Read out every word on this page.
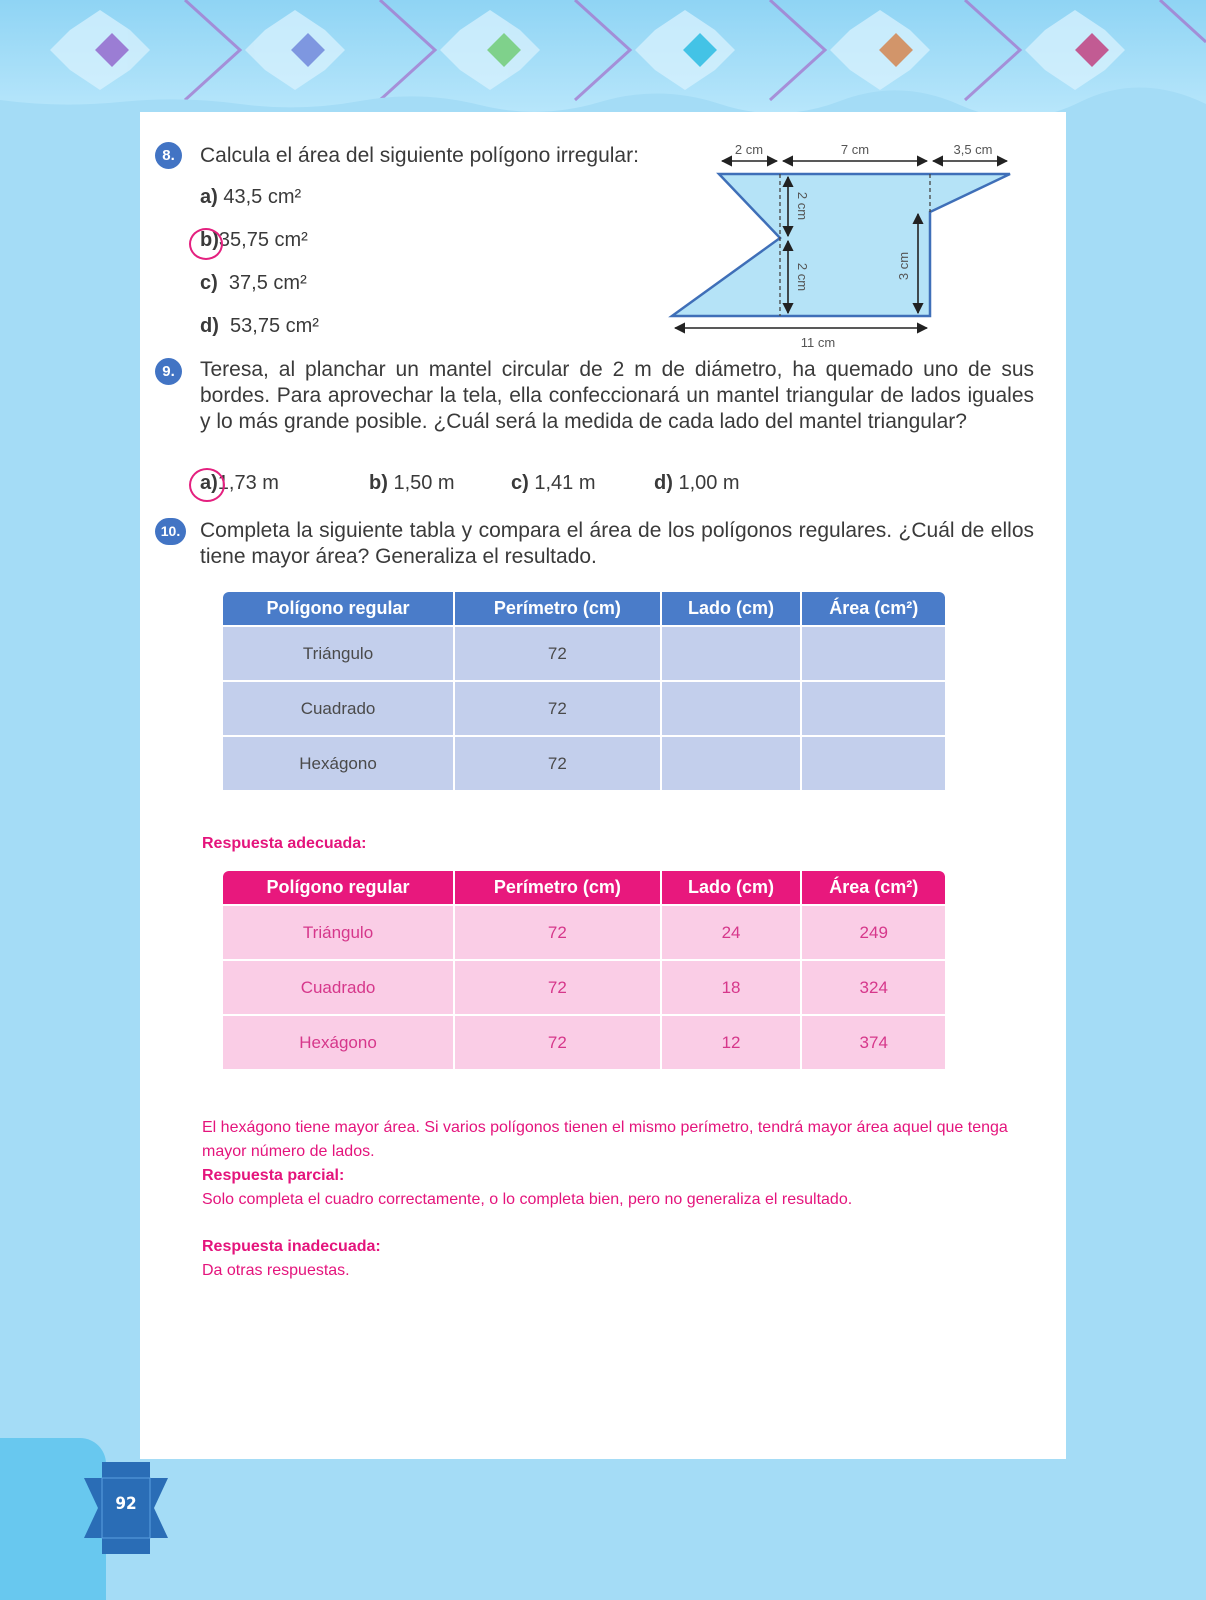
8.	Calcula el área del siguiente polígono irregular:
a) 43,5 cm²
b)35,75 cm²
c) 37,5 cm²
d) 53,75 cm²
2 cm	7 cm	3,5 cm
2 cm
2 cm	3 cm
11 cm
9.	Teresa, al planchar un mantel circular de 2 m de diámetro, ha quemado uno de sus bordes. Para aprovechar la tela, ella confeccionará un mantel triangular de lados iguales y lo más grande posible. ¿Cuál será la medida de cada lado del mantel triangular?
a)1,73 m	b) 1,50 m	c) 1,41 m	d) 1,00 m
10. Completa la siguiente tabla y compara el área de los polígonos regulares. ¿Cuál de ellos tiene mayor área? Generaliza el resultado.
Polígono regular	Perímetro (cm)	Lado (cm)	Área (cm²)
Triángulo	72		
Cuadrado	72		
Hexágono	72		
Respuesta adecuada:
Polígono regular	Perímetro (cm)	Lado (cm)	Área (cm²)
Triángulo	72	24	249
Cuadrado	72	18	324
Hexágono	72	12	374
El hexágono tiene mayor área. Si varios polígonos tienen el mismo perímetro, tendrá mayor área aquel que tenga mayor número de lados.
Respuesta parcial:
Solo completa el cuadro correctamente, o lo completa bien, pero no generaliza el resultado.
Respuesta inadecuada:
Da otras respuestas.
92
